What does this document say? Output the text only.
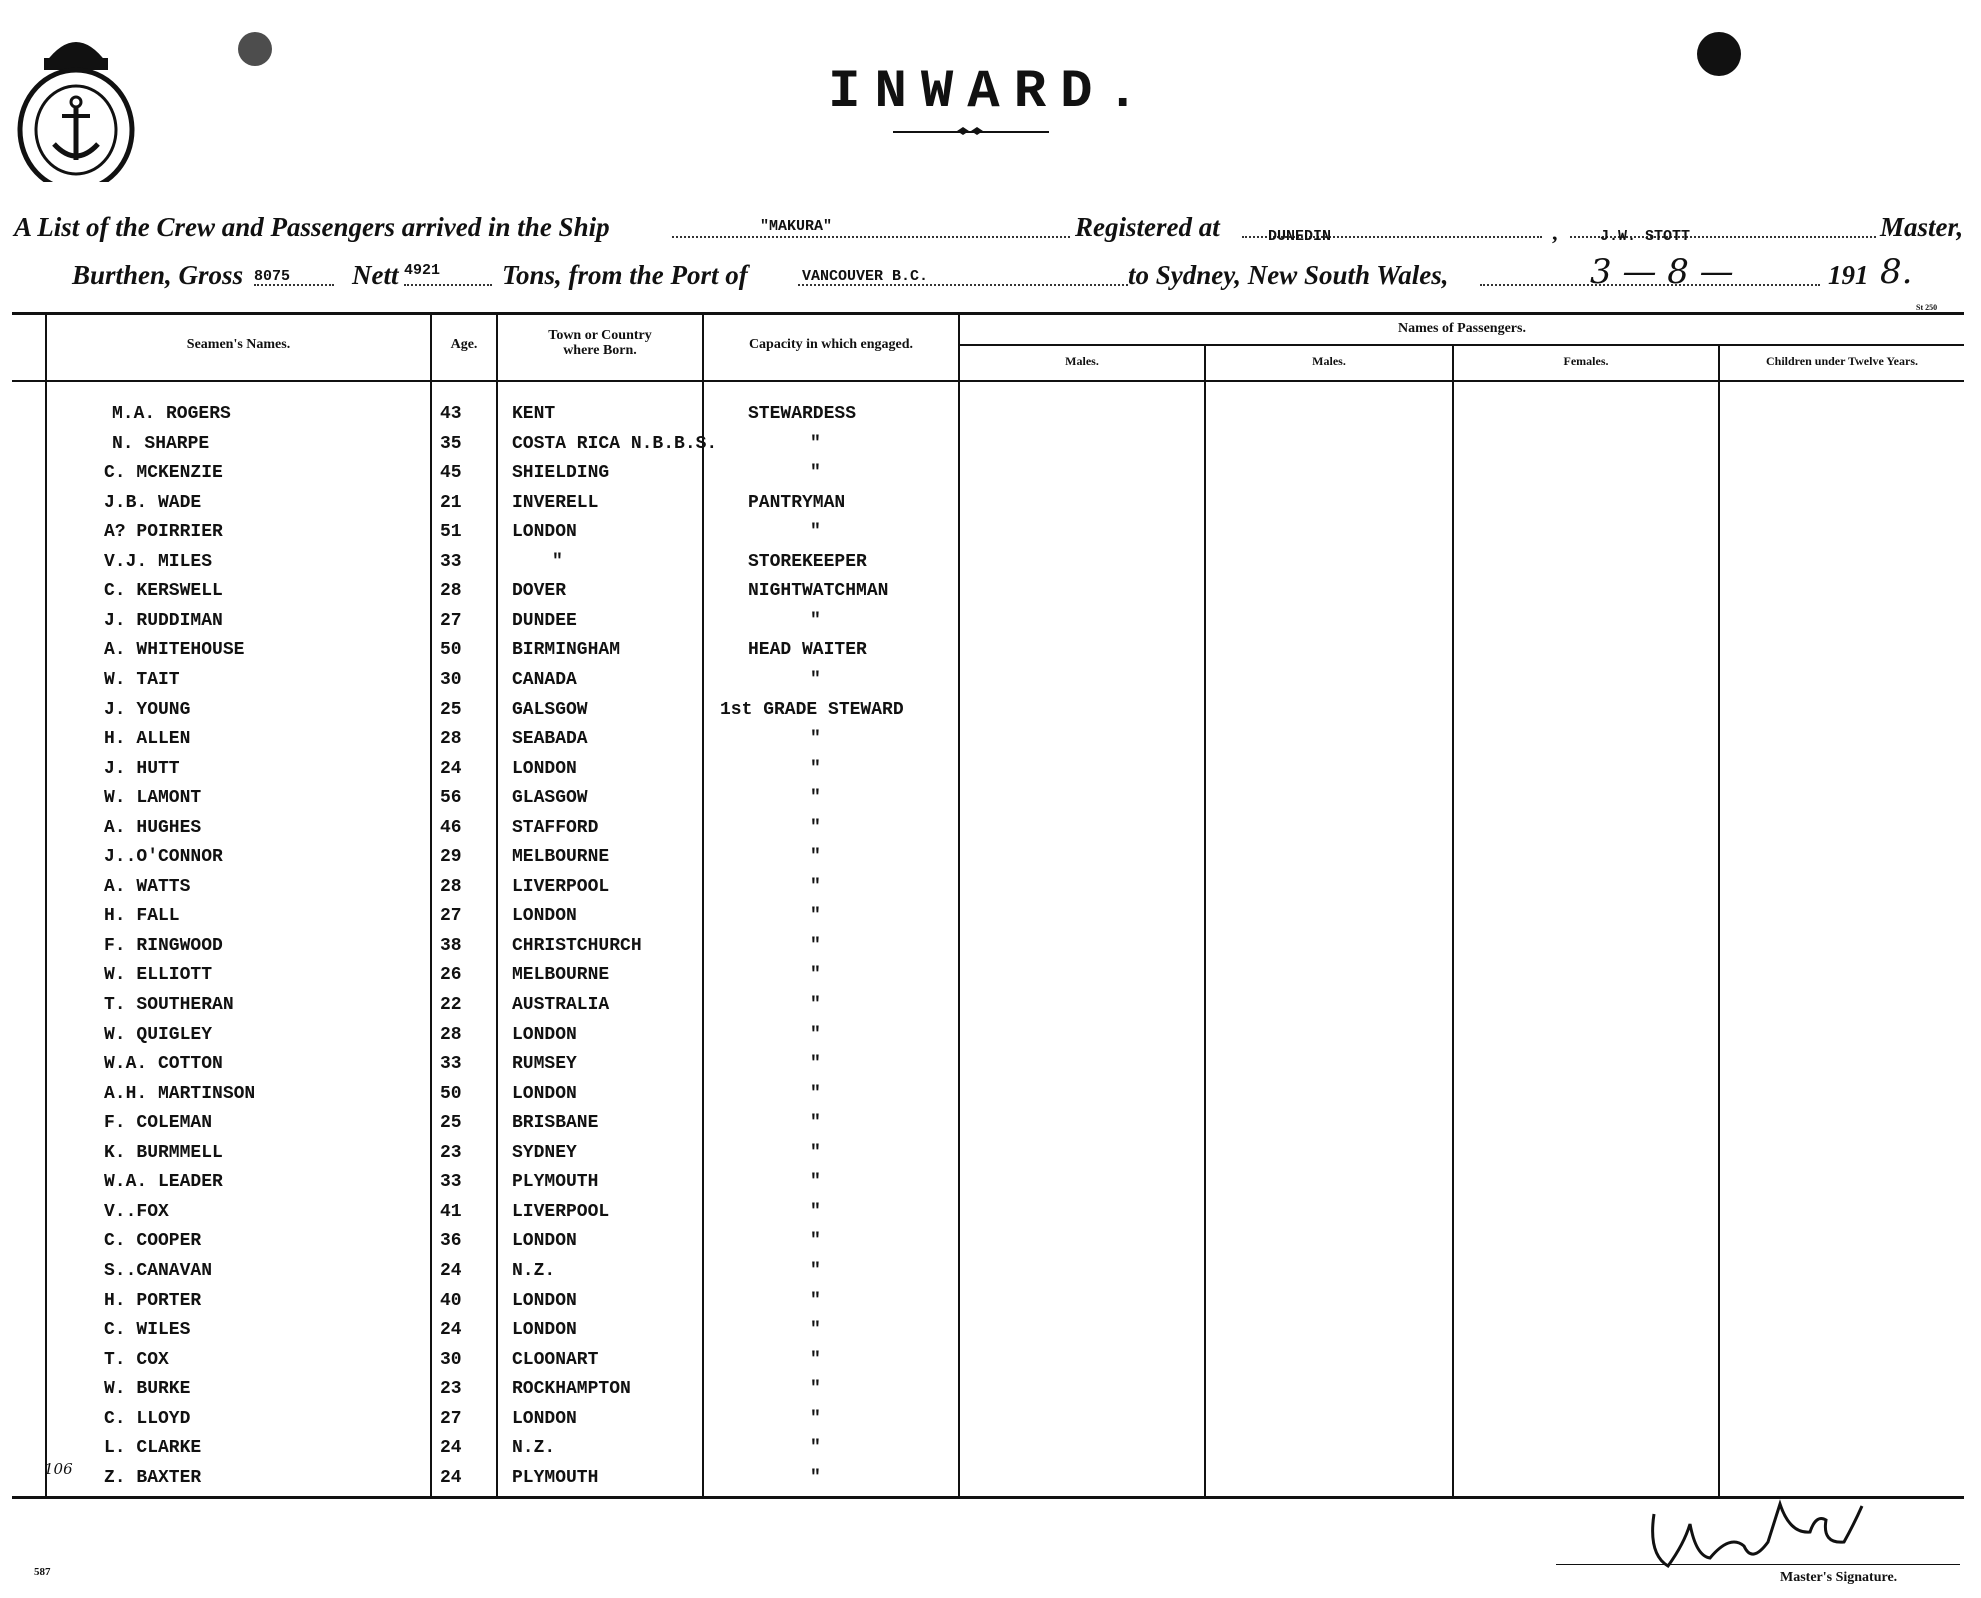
INWARD.
A List of the Crew and Passengers arrived in the Ship	"MAKURA"	Registered at	DUNEDIN	,	J.W. STOTT	Master,
Burthen, Gross 8075 Nett 4921 Tons, from the Port of	VANCOUVER B.C.	to Sydney, New South Wales,	3 — 8 —	191 8.
St 250
Seamen's Names.	Age.
Town or Country where Born.	Capacity in which engaged.
Names of Passengers.
Males.	Males.	Females.	Children under Twelve Years.
M.A. ROGERS	43	KENT	STEWARDESS
N. SHARPE	35	COSTA RICA N.B.B.S.	"
C. MCKENZIE	45	SHIELDING	"
J.B. WADE	21	INVERELL	PANTRYMAN
A? POIRRIER	51	LONDON	"
V.J. MILES	33	"	STOREKEEPER
C. KERSWELL	28	DOVER	NIGHTWATCHMAN
J. RUDDIMAN	27	DUNDEE	"
A. WHITEHOUSE	50	BIRMINGHAM	HEAD WAITER
W. TAIT	30	CANADA	"
J. YOUNG	25	GALSGOW	1st GRADE STEWARD
H. ALLEN	28	SEABADA	"
J. HUTT	24	LONDON	"
W. LAMONT	56	GLASGOW	"
A. HUGHES	46	STAFFORD	"
J..O'CONNOR	29	MELBOURNE	"
A. WATTS	28	LIVERPOOL	"
H. FALL	27	LONDON	"
F. RINGWOOD	38	CHRISTCHURCH	"
W. ELLIOTT	26	MELBOURNE	"
T. SOUTHERAN	22	AUSTRALIA	"
W. QUIGLEY	28	LONDON	"
W.A. COTTON	33	RUMSEY	"
A.H. MARTINSON	50	LONDON	"
F. COLEMAN	25	BRISBANE	"
K. BURMMELL	23	SYDNEY	"
W.A. LEADER	33	PLYMOUTH	"
V..FOX	41	LIVERPOOL	"
C. COOPER	36	LONDON	"
S..CANAVAN	24	N.Z.	"
H. PORTER	40	LONDON	"
C. WILES	24	LONDON	"
T. COX	30	CLOONART	"
W. BURKE	23	ROCKHAMPTON	"
C. LLOYD	27	LONDON	"
L. CLARKE	24	N.Z.	"
Z. BAXTER	24	PLYMOUTH	"
106
587	Master's Signature.
